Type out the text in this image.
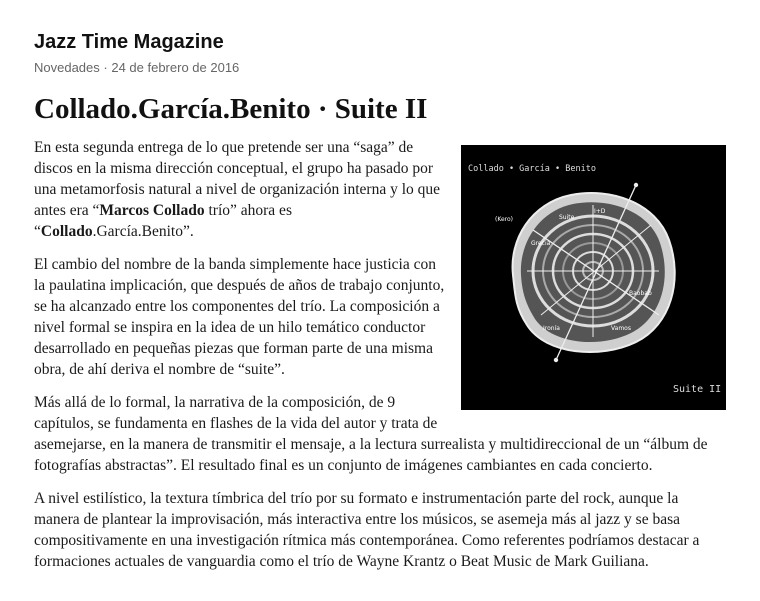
Jazz Time Magazine
Novedades · 24 de febrero de 2016
Collado.García.Benito · Suite II
Collado • García • Benito
Suite II
(Kero)
I+D
Suite
Baobab
Grecia
Vamos
Ironía

En esta segunda entrega de lo que pretende ser una “saga” de discos en la misma dirección conceptual, el grupo ha pasado por una metamorfosis natural a nivel de organización interna y lo que antes era “Marcos Collado trío” ahora es “Collado.García.Benito”.

El cambio del nombre de la banda simplemente hace justicia con la paulatina implicación, que después de años de trabajo conjunto, se ha alcanzado entre los componentes del trío. La composición a nivel formal se inspira en la idea de un hilo temático conductor desarrollado en pequeñas piezas que forman parte de una misma obra, de ahí deriva el nombre de “suite”.

Más allá de lo formal, la narrativa de la composición, de 9 capítulos, se fundamenta en flashes de la vida del autor y trata de asemejarse, en la manera de transmitir el mensaje, a la lectura surrealista y multidireccional de un “álbum de fotografías abstractas”. El resultado final es un conjunto de imágenes cambiantes en cada concierto.

A nivel estilístico, la textura tímbrica del trío por su formato e instrumentación parte del rock, aunque la manera de plantear la improvisación, más interactiva entre los músicos, se asemeja más al jazz y se basa compositivamente en una investigación rítmica más contemporánea. Como referentes podríamos destacar a formaciones actuales de vanguardia como el trío de Wayne Krantz o Beat Music de Mark Guiliana.
